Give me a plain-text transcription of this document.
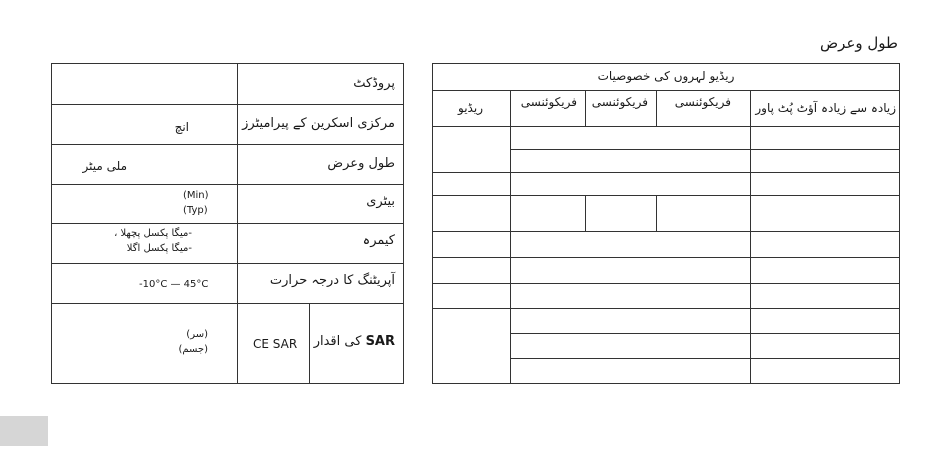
طول وعرض
پروڈکٹ
مرکزی اسکرین کے پیرامیٹرز
انچ
طول وعرض
ملی میٹر
بیٹری
(Min)
(Typ)
کیمرہ
-میگا پکسل پچھلا ،
-میگا پکسل اگلا
آپریٹنگ کا درجہ حرارت
-10°C — 45°C
SAR کی اقدار
CE SAR
(سر)
(جسم)
ریڈیو لہروں کی خصوصیات
زیادہ سے زیادہ آؤٹ پُٹ پاور
فریکوئنسی
فریکوئنسی
فریکوئنسی
ریڈیو
